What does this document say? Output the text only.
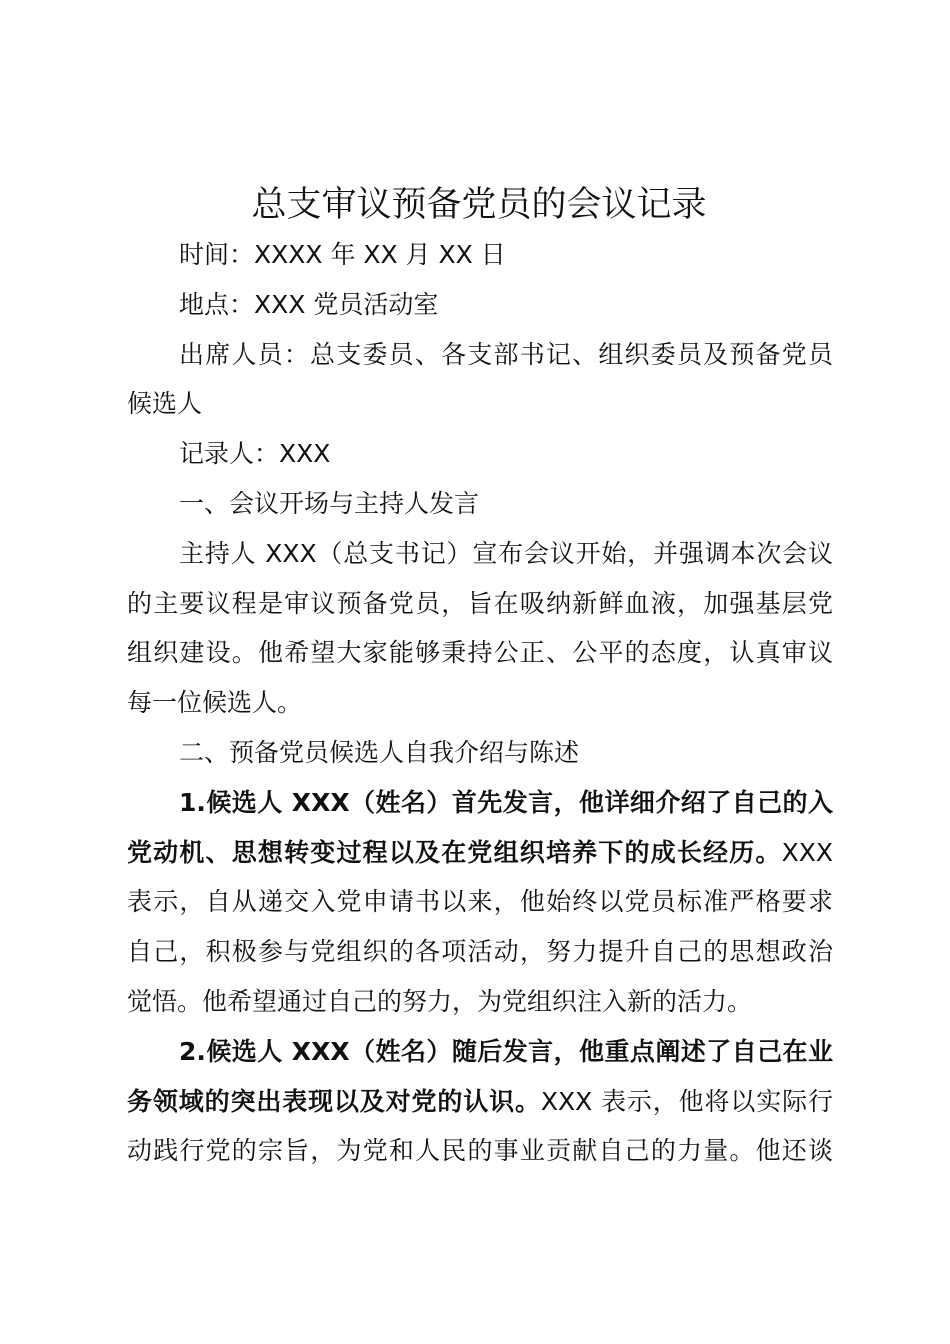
总支审议预备党员的会议记录

时间：XXXX 年 XX 月 XX 日

地点：XXX 党员活动室

出席人员：总支委员、各支部书记、组织委员及预备党员
候选人

记录人：XXX

一、会议开场与主持人发言

主持人 XXX（总支书记）宣布会议开始，并强调本次会议
的主要议程是审议预备党员，旨在吸纳新鲜血液，加强基层党
组织建设。他希望大家能够秉持公正、公平的态度，认真审议
每一位候选人。

二、预备党员候选人自我介绍与陈述

1.候选人 XXX（姓名）首先发言，他详细介绍了自己的入
党动机、思想转变过程以及在党组织培养下的成长经历。XXX
表示，自从递交入党申请书以来，他始终以党员标准严格要求
自己，积极参与党组织的各项活动，努力提升自己的思想政治
觉悟。他希望通过自己的努力，为党组织注入新的活力。

2.候选人 XXX（姓名）随后发言，他重点阐述了自己在业
务领域的突出表现以及对党的认识。XXX 表示，他将以实际行
动践行党的宗旨，为党和人民的事业贡献自己的力量。他还谈
